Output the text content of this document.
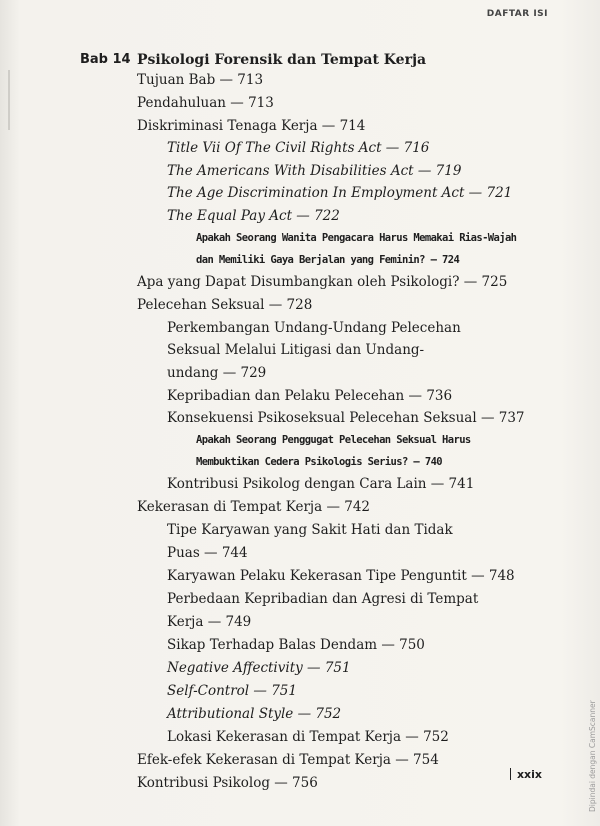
DAFTAR ISI
Bab 14 Psikologi Forensik dan Tempat Kerja
Tujuan Bab — 713
Pendahuluan — 713
Diskriminasi Tenaga Kerja — 714
Title Vii Of The Civil Rights Act — 716
The Americans With Disabilities Act — 719
The Age Discrimination In Employment Act — 721
The Equal Pay Act — 722
Apakah Seorang Wanita Pengacara Harus Memakai Rias-Wajah
dan Memiliki Gaya Berjalan yang Feminin? — 724
Apa yang Dapat Disumbangkan oleh Psikologi? — 725
Pelecehan Seksual — 728
Perkembangan Undang-Undang Pelecehan
Seksual Melalui Litigasi dan Undang-
undang — 729
Kepribadian dan Pelaku Pelecehan — 736
Konsekuensi Psikoseksual Pelecehan Seksual — 737
Apakah Seorang Penggugat Pelecehan Seksual Harus
Membuktikan Cedera Psikologis Serius? — 740
Kontribusi Psikolog dengan Cara Lain — 741
Kekerasan di Tempat Kerja — 742
Tipe Karyawan yang Sakit Hati dan Tidak
Puas — 744
Karyawan Pelaku Kekerasan Tipe Penguntit — 748
Perbedaan Kepribadian dan Agresi di Tempat
Kerja — 749
Sikap Terhadap Balas Dendam — 750
Negative Affectivity — 751
Self-Control — 751
Attributional Style — 752
Lokasi Kekerasan di Tempat Kerja — 752
Efek-efek Kekerasan di Tempat Kerja — 754
Kontribusi Psikolog — 756
xxix	Dipindai dengan CamScanner
